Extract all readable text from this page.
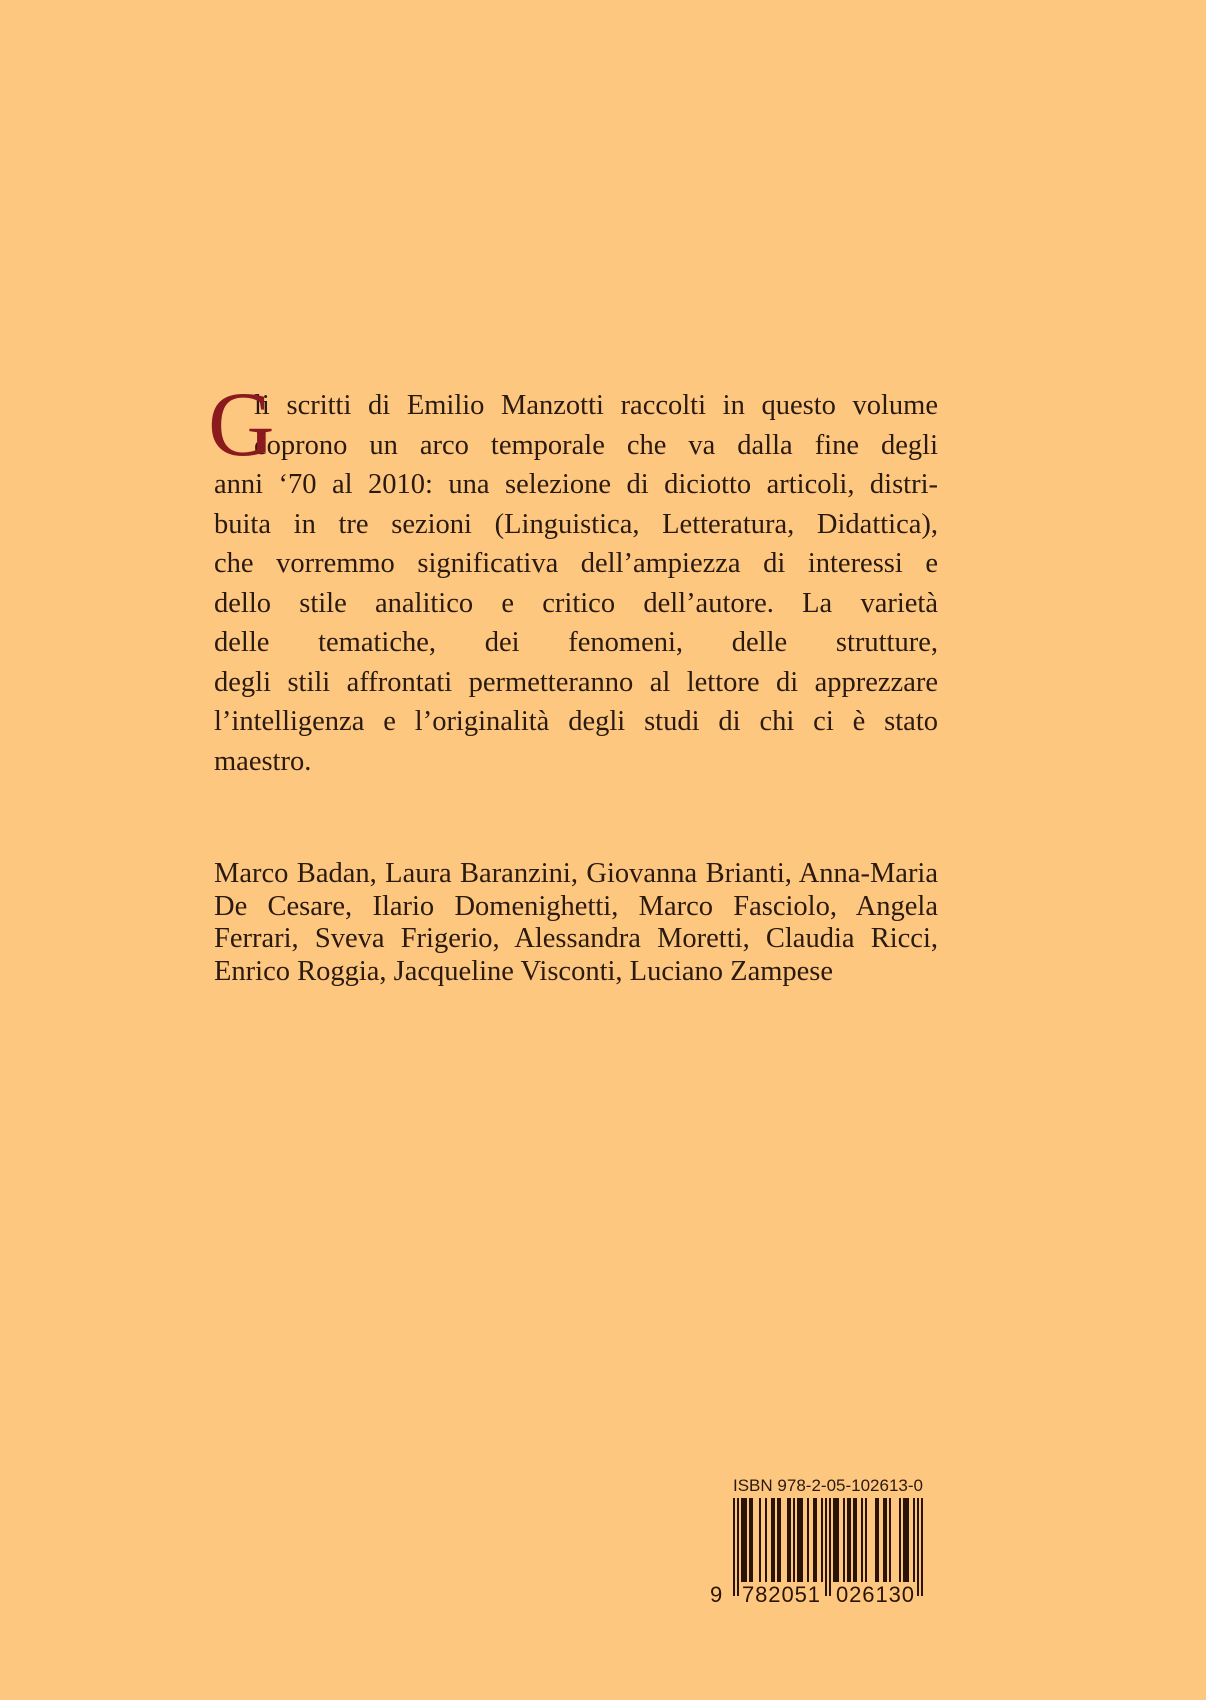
G
li scritti di Emilio Manzotti raccolti in questo volume
coprono un arco temporale che va dalla fine degli
anni ‘70 al 2010: una selezione di diciotto articoli, distri-
buita in tre sezioni (Linguistica, Letteratura, Didattica),
che vorremmo significativa dell’ampiezza di interessi e
dello stile analitico e critico dell’autore. La varietà
delle tematiche, dei fenomeni, delle strutture,
degli stili affrontati permetteranno al lettore di apprezzare
l’intelligenza e l’originalità degli studi di chi ci è stato
maestro.
Marco Badan, Laura Baranzini, Giovanna Brianti, Anna-Maria
De Cesare, Ilario Domenighetti, Marco Fasciolo, Angela
Ferrari, Sveva Frigerio, Alessandra Moretti, Claudia Ricci,
Enrico Roggia, Jacqueline Visconti, Luciano Zampese
ISBN 978-2-05-102613-0
9 782051 026130
